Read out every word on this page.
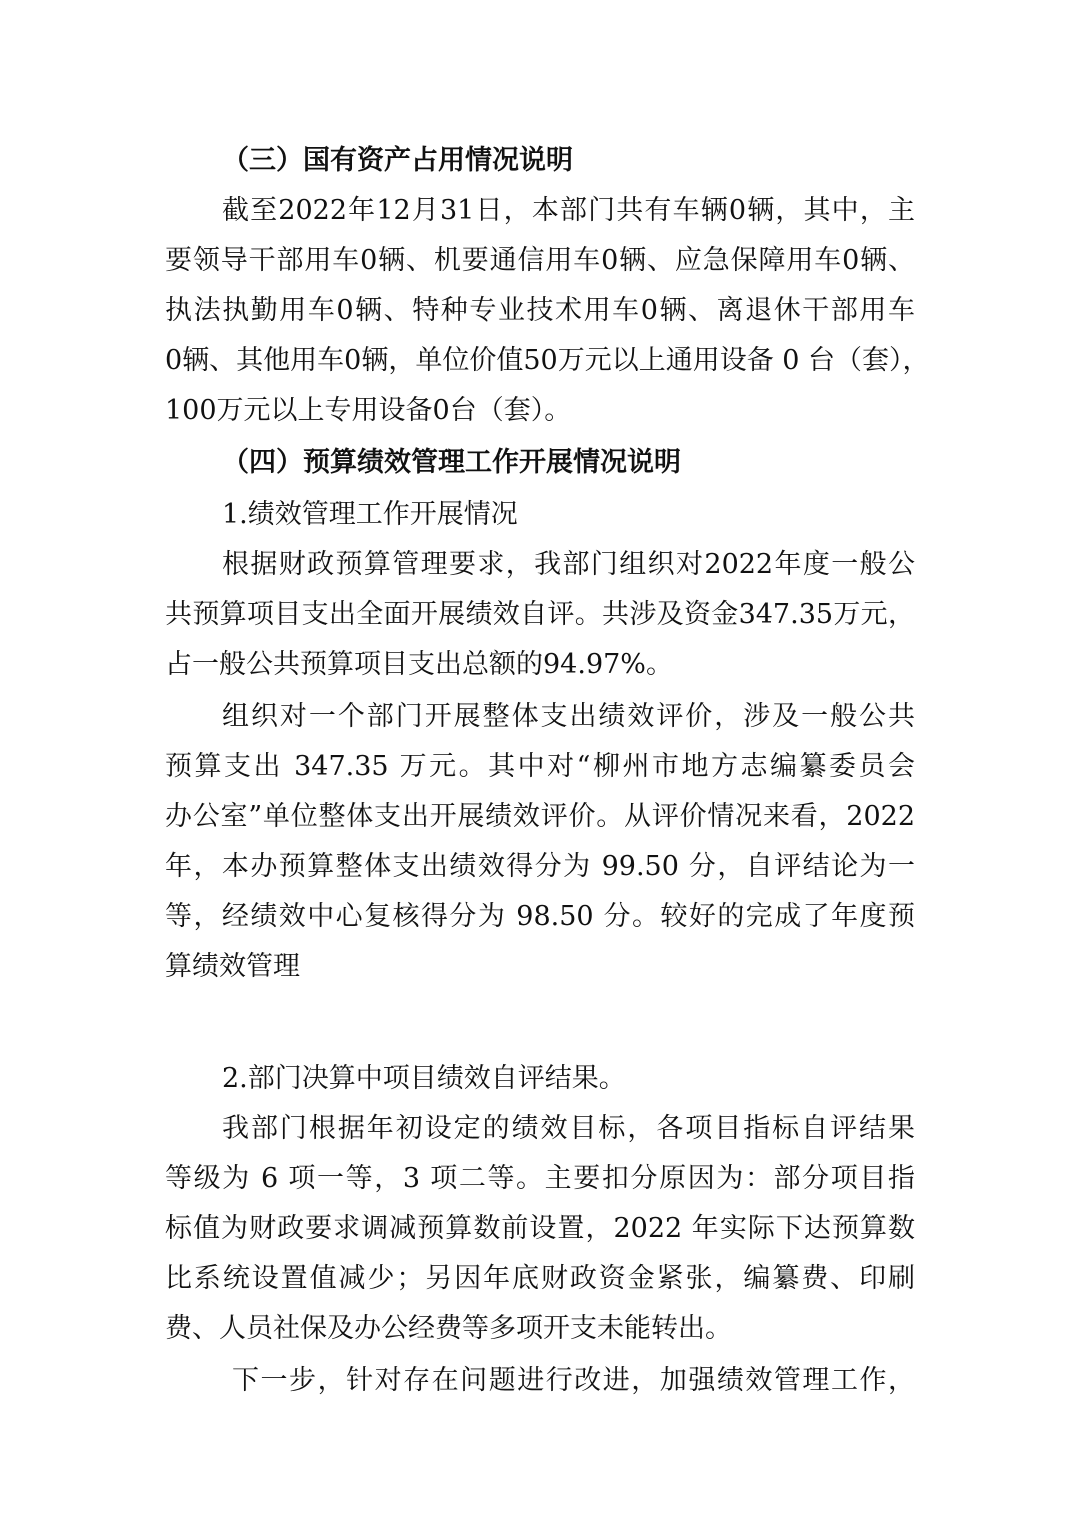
（三）国有资产占用情况说明
截至2022年12月31日，本部门共有车辆0辆，其中，主
要领导干部用车0辆、机要通信用车0辆、应急保障用车0辆、
执法执勤用车0辆、特种专业技术用车0辆、离退休干部用车
0辆、其他用车0辆，单位价值50万元以上通用设备 0 台（套），
100万元以上专用设备0台（套）。
（四）预算绩效管理工作开展情况说明
1.绩效管理工作开展情况
根据财政预算管理要求，我部门组织对2022年度一般公
共预算项目支出全面开展绩效自评。共涉及资金347.35万元，
占一般公共预算项目支出总额的94.97%。
组织对一个部门开展整体支出绩效评价，涉及一般公共
预算支出 347.35 万元。其中对“柳州市地方志编纂委员会
办公室”单位整体支出开展绩效评价。从评价情况来看，2022
年，本办预算整体支出绩效得分为 99.50 分，自评结论为一
等，经绩效中心复核得分为 98.50 分。较好的完成了年度预
算绩效管理
2.部门决算中项目绩效自评结果。
我部门根据年初设定的绩效目标，各项目指标自评结果
等级为 6 项一等，3 项二等。主要扣分原因为：部分项目指
标值为财政要求调减预算数前设置，2022 年实际下达预算数
比系统设置值减少；另因年底财政资金紧张，编纂费、印刷
费、人员社保及办公经费等多项开支未能转出。
下一步，针对存在问题进行改进，加强绩效管理工作，
